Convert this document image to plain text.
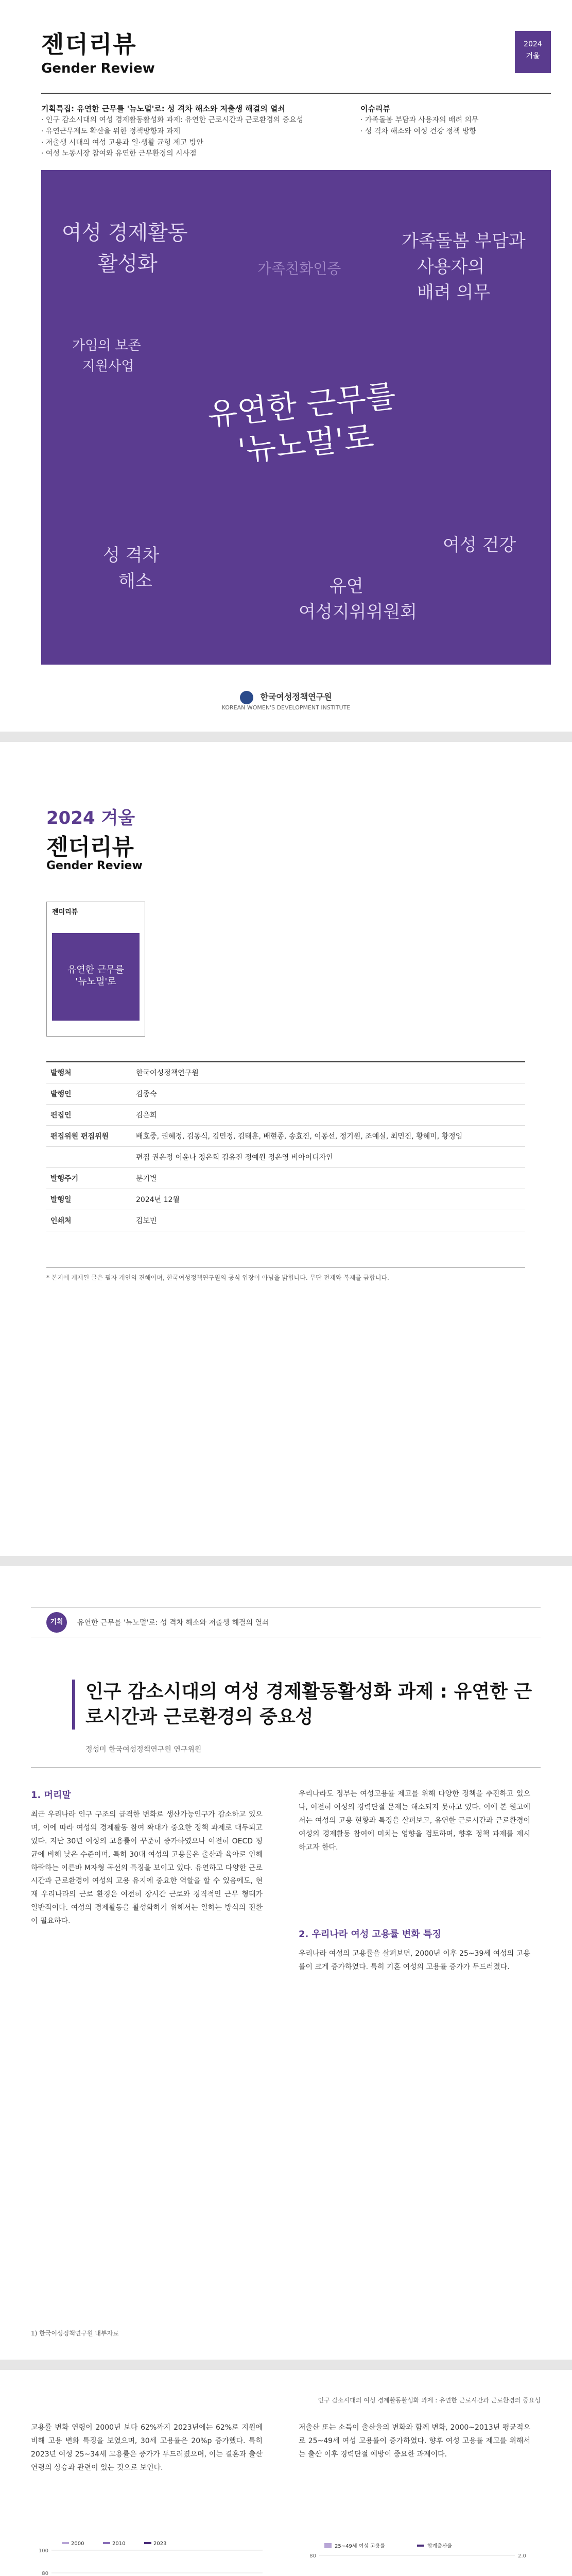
젠더리뷰
Gender Review
2024
겨울
기획특집: 유연한 근무를 '뉴노멀'로: 성 격차 해소와 저출생 해결의 열쇠
· 인구 감소시대의 여성 경제활동활성화 과제: 유연한 근로시간과 근로환경의 중요성
· 유연근무제도 확산을 위한 정책방향과 과제
· 저출생 시대의 여성 고용과 일·생활 균형 제고 방안
· 여성 노동시장 참여와 유연한 근무환경의 시사점
이슈리뷰
· 가족돌봄 부담과 사용자의 배려 의무
· 성 격차 해소와 여성 건강 정책 방향
여성 경제활동
활성화	가족친화인증
가족돌봄 부담과
사용자의
배려 의무
가임의 보존
지원사업
성 격차
해소
여성 건강
유연
여성지위위원회
유연한 근무를
'뉴노멀'로
한국여성정책연구원
KOREAN WOMEN'S DEVELOPMENT INSTITUTE
2024 겨울
젠더리뷰
Gender Review
젠더리뷰
유연한 근무를
'뉴노멀'로
발행처	한국여성정책연구원
발행인	김종숙
편집인	김은희
편집위원 편집위원	배호중, 권혜정, 김동식, 김민정, 김태훈, 배현종, 송효진, 이동선, 정기원, 조예실, 최민진, 황혜미, 황정임
	편집 권은정 이윤나 정은희 김유진 정예원 정은영 비아이디자인
발행주기	분기별
발행일	2024년 12월
인쇄처	김보민
* 본지에 게재된 글은 필자 개인의 견해이며, 한국여성정책연구원의 공식 입장이 아님을 밝힙니다. 무단 전재와 복제를 금합니다.
기획	유연한 근무를 '뉴노멀'로: 성 격차 해소와 저출생 해결의 열쇠
인구 감소시대의 여성 경제활동활성화 과제 : 유연한 근로시간과 근로환경의 중요성
정성미 한국여성정책연구원 연구위원
1. 머리말
최근 우리나라 인구 구조의 급격한 변화로 생산가능인구가 감소하고 있으며, 이에 따라 여성의 경제활동 참여 확대가 중요한 정책 과제로 대두되고 있다. 지난 30년 여성의 고용률이 꾸준히 증가하였으나 여전히 OECD 평균에 비해 낮은 수준이며, 특히 30대 여성의 고용률은 출산과 육아로 인해 하락하는 이른바 M자형 곡선의 특징을 보이고 있다. 유연하고 다양한 근로시간과 근로환경이 여성의 고용 유지에 중요한 역할을 할 수 있음에도, 현재 우리나라의 근로 환경은 여전히 장시간 근로와 경직적인 근무 형태가 일반적이다. 여성의 경제활동을 활성화하기 위해서는 일하는 방식의 전환이 필요하다.
우리나라도 정부는 여성고용률 제고를 위해 다양한 정책을 추진하고 있으나, 여전히 여성의 경력단절 문제는 해소되지 못하고 있다. 이에 본 원고에서는 여성의 고용 현황과 특징을 살펴보고, 유연한 근로시간과 근로환경이 여성의 경제활동 참여에 미치는 영향을 검토하며, 향후 정책 과제를 제시하고자 한다.
2. 우리나라 여성 고용률 변화 특징
우리나라 여성의 고용률을 살펴보면, 2000년 이후 25~39세 여성의 고용률이 크게 증가하였다. 특히 기혼 여성의 고용률 증가가 두드러졌다.
1) 한국여성정책연구원 내부자료
인구 감소시대의 여성 경제활동활성화 과제 : 유연한 근로시간과 근로환경의 중요성
고용률 변화 연령이 2000년 보다 62%까지 2023년에는 62%로 지원에 비해 고용 변화 특징을 보였으며, 30세 고용률은 20%p 증가했다. 특히 2023년 여성 25~34세 고용률은 증가가 두드러졌으며, 이는 결혼과 출산 연령의 상승과 관련이 있는 것으로 보인다.
저출산 또는 소득이 출산율의 변화와 함께 변화, 2000~2013년 평균적으로 25~49세 여성 고용률이 증가하였다. 향후 여성 고용률 제고를 위해서는 출산 이후 경력단절 예방이 중요한 과제이다.
80
100
2000	2010	2023
80	2.0
25~49세 여성 고용률	합계출산율
